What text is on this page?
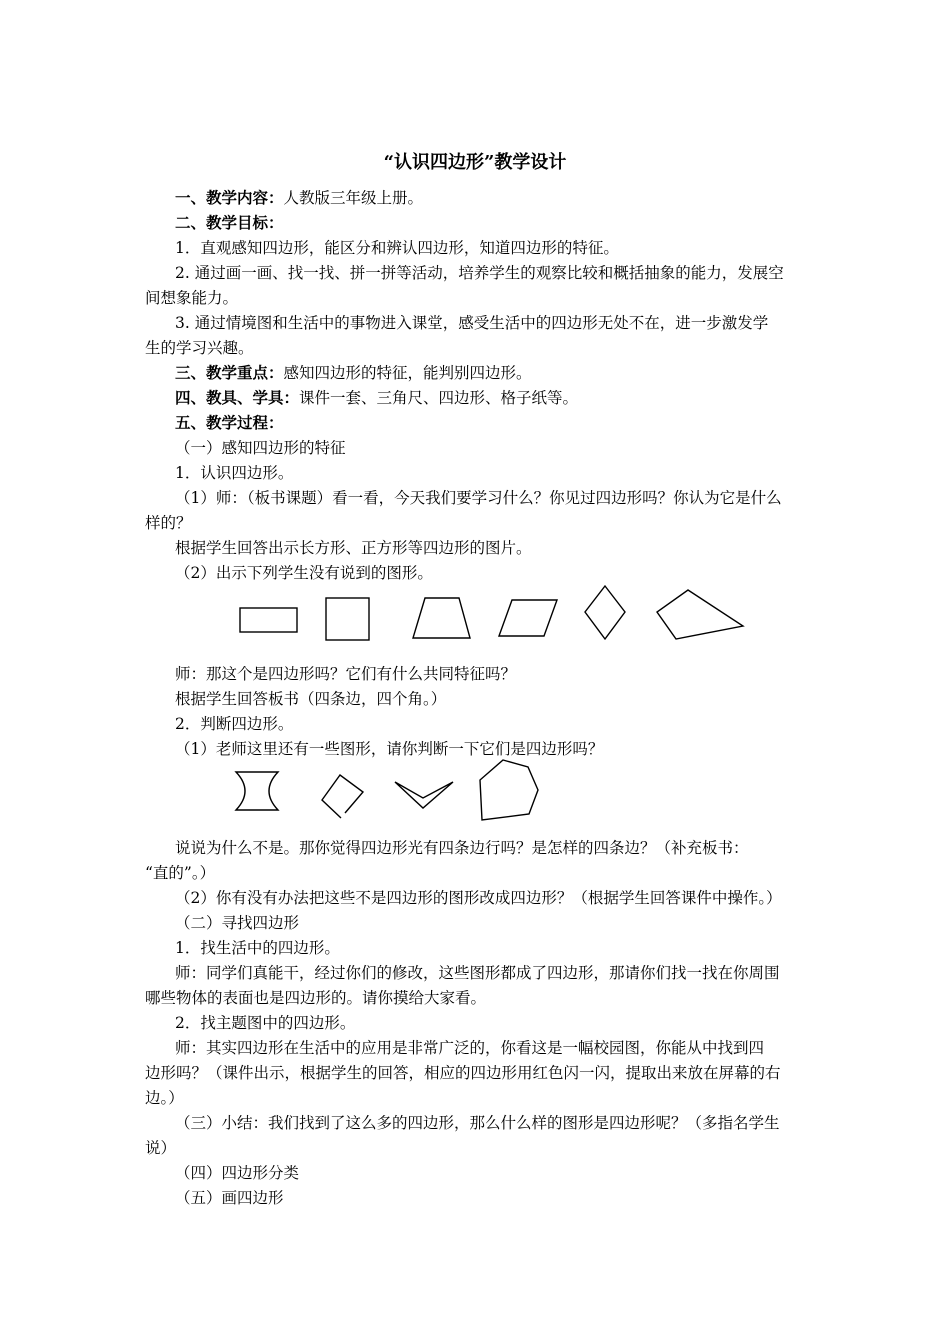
“认识四边形”教学设计
一、教学内容：人教版三年级上册。
二、教学目标：
1．直观感知四边形，能区分和辨认四边形，知道四边形的特征。
2. 通过画一画、找一找、拼一拼等活动，培养学生的观察比较和概括抽象的能力，发展空
间想象能力。
3. 通过情境图和生活中的事物进入课堂，感受生活中的四边形无处不在，进一步激发学
生的学习兴趣。
三、教学重点：感知四边形的特征，能判别四边形。
四、教具、学具：课件一套、三角尺、四边形、格子纸等。
五、教学过程：
（一）感知四边形的特征
1．认识四边形。
（1）师：（板书课题）看一看，今天我们要学习什么？你见过四边形吗？你认为它是什么
样的？
根据学生回答出示长方形、正方形等四边形的图片。
（2）出示下列学生没有说到的图形。
师：那这个是四边形吗？它们有什么共同特征吗？
根据学生回答板书（四条边，四个角。）
2．判断四边形。
（1）老师这里还有一些图形，请你判断一下它们是四边形吗？
说说为什么不是。那你觉得四边形光有四条边行吗？是怎样的四条边？（补充板书：
“直的”。）
（2）你有没有办法把这些不是四边形的图形改成四边形？（根据学生回答课件中操作。）
（二）寻找四边形
1．找生活中的四边形。
师：同学们真能干，经过你们的修改，这些图形都成了四边形，那请你们找一找在你周围
哪些物体的表面也是四边形的。请你摸给大家看。
2．找主题图中的四边形。
师：其实四边形在生活中的应用是非常广泛的，你看这是一幅校园图，你能从中找到四
边形吗？（课件出示，根据学生的回答，相应的四边形用红色闪一闪，提取出来放在屏幕的右
边。）
（三）小结：我们找到了这么多的四边形，那么什么样的图形是四边形呢？（多指名学生
说）
（四）四边形分类
（五）画四边形
